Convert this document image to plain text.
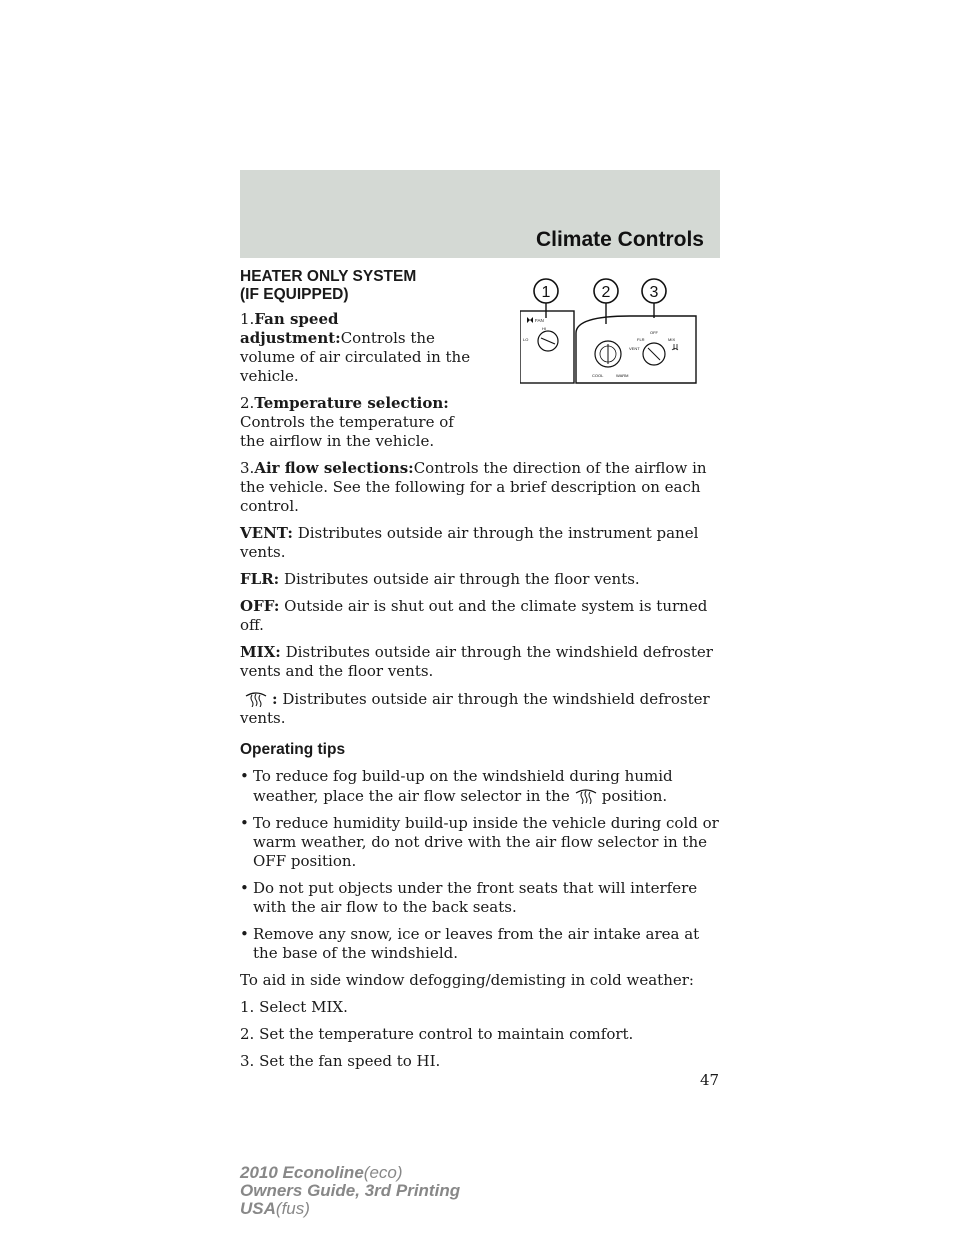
Climate Controls
1	2 3
FAN
HI
LO
COOL	WARM
OFF
FLR	MIX
VENT
HEATER ONLY SYSTEM
(IF EQUIPPED)

1.Fan speed adjustment:Controls the volume of air circulated in the vehicle.

2.Temperature selection:
Controls the temperature of the airflow in the vehicle.

3.Air flow selections:Controls the direction of the airflow in the vehicle. See the following for a brief description on each control.

VENT: Distributes outside air through the instrument panel vents.

FLR: Distributes outside air through the floor vents.

OFF: Outside air is shut out and the climate system is turned off.

MIX: Distributes outside air through the windshield defroster vents and the floor vents.

: Distributes outside air through the windshield defroster vents.

Operating tips
• To reduce fog build-up on the windshield during humid weather, place the air flow selector in the position.
• To reduce humidity build-up inside the vehicle during cold or warm weather, do not drive with the air flow selector in the OFF position.
• Do not put objects under the front seats that will interfere with the air flow to the back seats.
• Remove any snow, ice or leaves from the air intake area at the base of the windshield.

To aid in side window defogging/demisting in cold weather:

1. Select MIX.

2. Set the temperature control to maintain comfort.

3. Set the fan speed to HI.

47
2010 Econoline(eco)
Owners Guide, 3rd Printing
USA(fus)
